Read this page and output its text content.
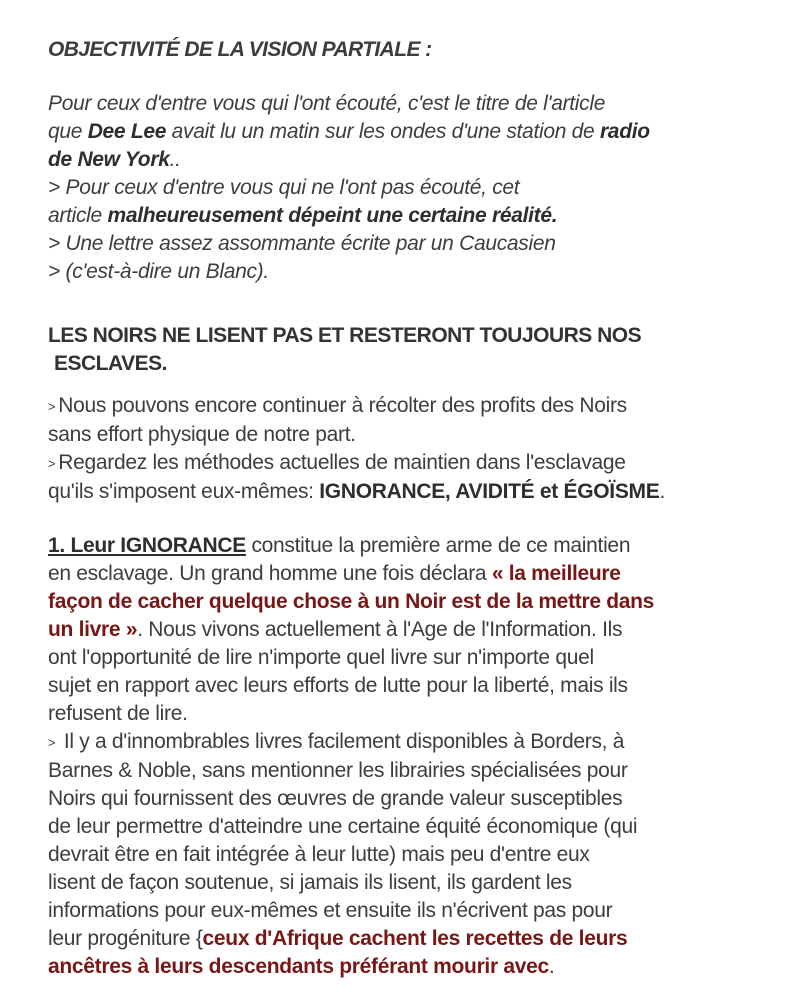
OBJECTIVITÉ DE LA VISION PARTIALE :
Pour ceux d'entre vous qui l'ont écouté, c'est le titre de l'article
que Dee Lee avait lu un matin sur les ondes d'une station de radio
de New York..
> Pour ceux d'entre vous qui ne l'ont pas écouté, cet
article malheureusement dépeint une certaine réalité.
> Une lettre assez assommante écrite par un Caucasien
> (c'est-à-dire un Blanc).
LES NOIRS NE LISENT PAS ET RESTERONT TOUJOURS NOS
ESCLAVES.
> Nous pouvons encore continuer à récolter des profits des Noirs
sans effort physique de notre part.
> Regardez les méthodes actuelles de maintien dans l'esclavage
qu'ils s'imposent eux-mêmes: IGNORANCE, AVIDITÉ et ÉGOÏSME.
1. Leur IGNORANCE constitue la première arme de ce maintien
en esclavage. Un grand homme une fois déclara « la meilleure
façon de cacher quelque chose à un Noir est de la mettre dans
un livre ». Nous vivons actuellement à l'Age de l'Information. Ils
ont l'opportunité de lire n'importe quel livre sur n'importe quel
sujet en rapport avec leurs efforts de lutte pour la liberté, mais ils
refusent de lire.
> Il y a d'innombrables livres facilement disponibles à Borders, à
Barnes & Noble, sans mentionner les librairies spécialisées pour
Noirs qui fournissent des œuvres de grande valeur susceptibles
de leur permettre d'atteindre une certaine équité économique (qui
devrait être en fait intégrée à leur lutte) mais peu d'entre eux
lisent de façon soutenue, si jamais ils lisent, ils gardent les
informations pour eux-mêmes et ensuite ils n'écrivent pas pour
leur progéniture {ceux d'Afrique cachent les recettes de leurs
ancêtres à leurs descendants préférant mourir avec.
